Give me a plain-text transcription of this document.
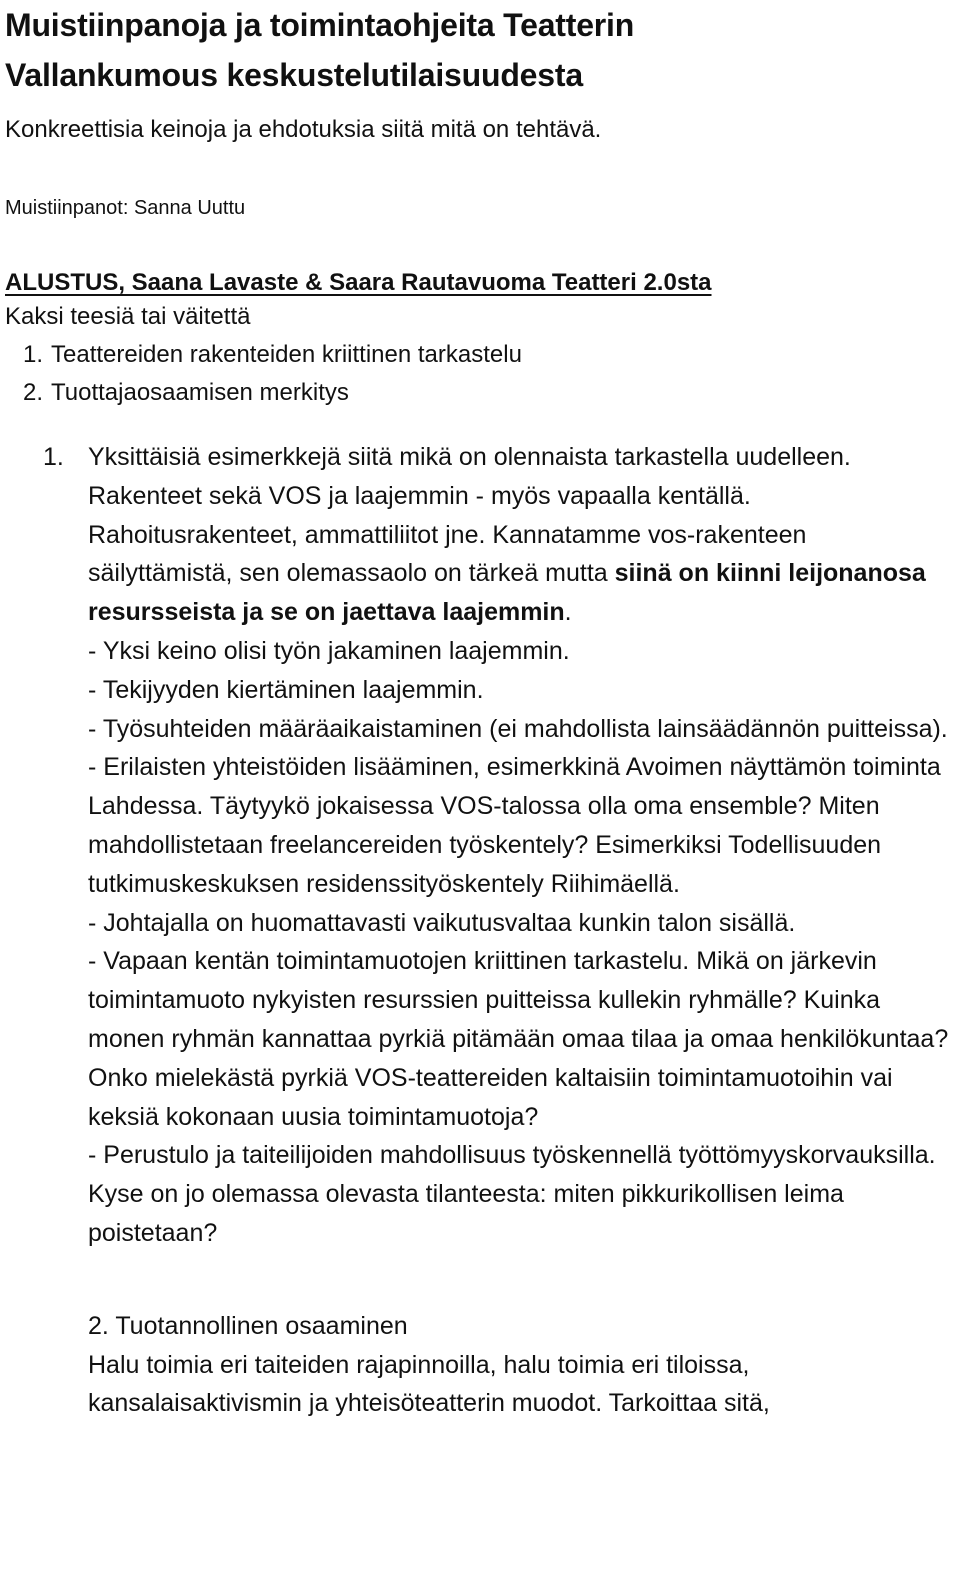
Muistiinpanoja ja toimintaohjeita Teatterin
Vallankumous keskustelutilaisuudesta
Konkreettisia keinoja ja ehdotuksia siitä mitä on tehtävä.
Muistiinpanot: Sanna Uuttu
ALUSTUS, Saana Lavaste & Saara Rautavuoma Teatteri 2.0sta
Kaksi teesiä tai väitettä
1. Teattereiden rakenteiden kriittinen tarkastelu
2. Tuottajaosaamisen merkitys
1. Yksittäisiä esimerkkejä siitä mikä on olennaista tarkastella uudelleen. Rakenteet sekä VOS ja laajemmin - myös vapaalla kentällä. Rahoitusrakenteet, ammattiliitot jne. Kannatamme vos-rakenteen säilyttämistä, sen olemassaolo on tärkeä mutta siinä on kiinni leijonanosa resursseista ja se on jaettava laajemmin.

- Yksi keino olisi työn jakaminen laajemmin.

- Tekijyyden kiertäminen laajemmin.

- Työsuhteiden määräaikaistaminen (ei mahdollista lainsäädännön puitteissa).

- Erilaisten yhteistöiden lisääminen, esimerkkinä Avoimen näyttämön toiminta Lahdessa. Täytyykö jokaisessa VOS-talossa olla oma ensemble? Miten mahdollistetaan freelancereiden työskentely? Esimerkiksi Todellisuuden tutkimuskeskuksen residenssityöskentely Riihimäellä.

- Johtajalla on huomattavasti vaikutusvaltaa kunkin talon sisällä.

- Vapaan kentän toimintamuotojen kriittinen tarkastelu. Mikä on järkevin toimintamuoto nykyisten resurssien puitteissa kullekin ryhmälle? Kuinka monen ryhmän kannattaa pyrkiä pitämään omaa tilaa ja omaa henkilökuntaa? Onko mielekästä pyrkiä VOS-teattereiden kaltaisiin toimintamuotoihin vai keksiä kokonaan uusia toimintamuotoja?

- Perustulo ja taiteilijoiden mahdollisuus työskennellä työttömyyskorvauksilla. Kyse on jo olemassa olevasta tilanteesta: miten pikkurikollisen leima poistetaan?

2. Tuotannollinen osaaminen

Halu toimia eri taiteiden rajapinnoilla, halu toimia eri tiloissa, kansalaisaktivismin ja yhteisöteatterin muodot. Tarkoittaa sitä,
